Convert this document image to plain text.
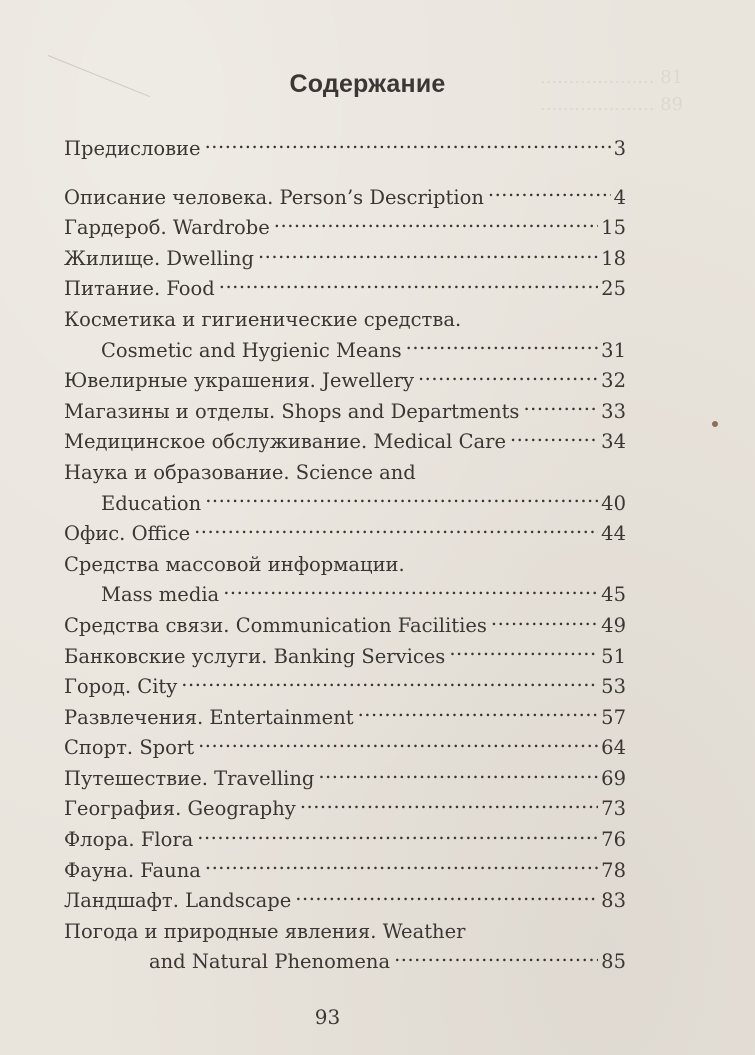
.................... 81
.................... 89
Содержание
Предисловие .....	3
Описание человека. Person’s Description .....	4
Гардероб. Wardrobe .....	15
Жилище. Dwelling .....	18
Питание. Food .....	25
Косметика и гигиенические средства.
Cosmetic and Hygienic Means .....	31
Ювелирные украшения. Jewellery .....	32
Магазины и отделы. Shops and Departments .....	33
Медицинское обслуживание. Medical Care .....	34
Наука и образование. Science and
Education .....	40
Офис. Office .....	44
Средства массовой информации.
Mass media .....	45
Средства связи. Communication Facilities .....	49
Банковские услуги. Banking Services .....	51
Город. City .....	53
Развлечения. Entertainment .....	57
Спорт. Sport .....	64
Путешествие. Travelling .....	69
География. Geography .....	73
Флора. Flora .....	76
Фауна. Fauna .....	78
Ландшафт. Landscape .....	83
Погода и природные явления. Weather
and Natural Phenomena .....	85
93
